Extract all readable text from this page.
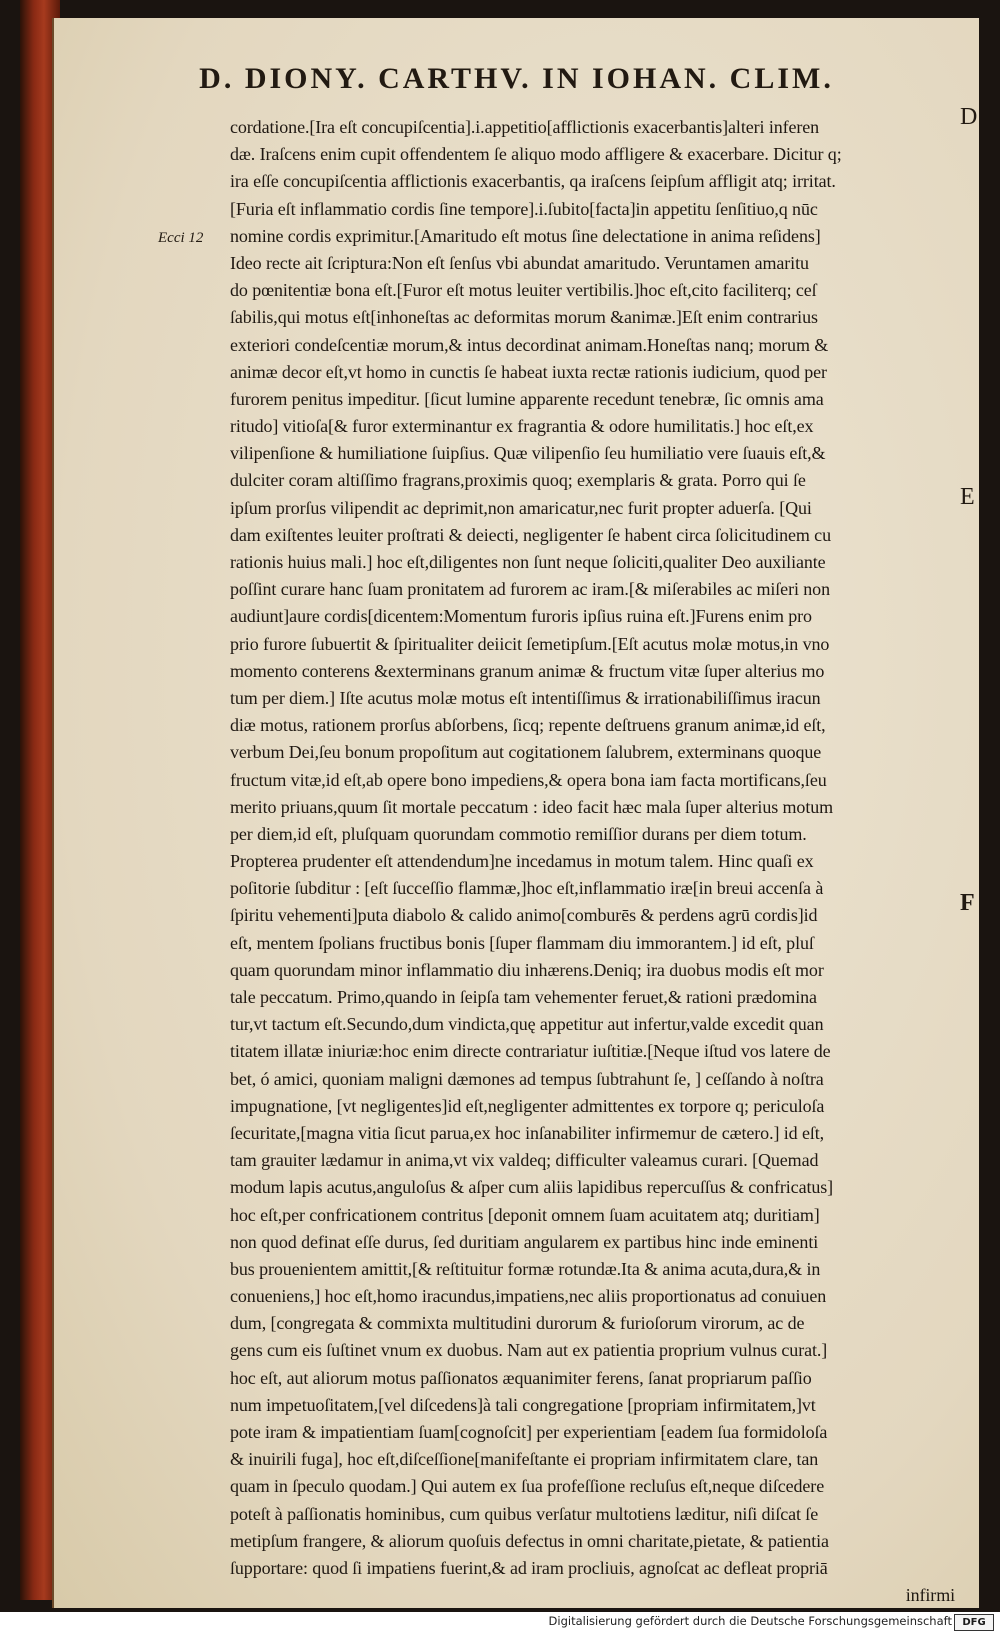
D. DIONY. CARTHV. IN IOHAN. CLIM.
Ecci 12
D
E
F
cordatione.[Ira eſt concupiſcentia].i.appetitio[afflictionis exacerbantis]alteri inferen
dæ. Iraſcens enim cupit offendentem ſe aliquo modo affligere & exacerbare. Dicitur q;
ira eſſe concupiſcentia afflictionis exacerbantis, qa iraſcens ſeipſum affligit atq; irritat.
[Furia eſt inflammatio cordis ſine tempore].i.ſubito[facta]in appetitu ſenſitiuo,q nūc
nomine cordis exprimitur.[Amaritudo eſt motus ſine delectatione in anima reſidens]
Ideo recte ait ſcriptura:Non eſt ſenſus vbi abundat amaritudo. Veruntamen amaritu
do pœnitentiæ bona eſt.[Furor eſt motus leuiter vertibilis.]hoc eſt,cito faciliterq; ceſ
ſabilis,qui motus eſt[inhoneſtas ac deformitas morum &animæ.]Eſt enim contrarius
exteriori condeſcentiæ morum,& intus decordinat animam.Honeſtas nanq; morum &
animæ decor eſt,vt homo in cunctis ſe habeat iuxta rectæ rationis iudicium, quod per
furorem penitus impeditur. [ſicut lumine apparente recedunt tenebræ, ſic omnis ama
ritudo] vitioſa[& furor exterminantur ex fragrantia & odore humilitatis.] hoc eſt,ex
vilipenſione & humiliatione ſuipſius. Quæ vilipenſio ſeu humiliatio vere ſuauis eſt,&
dulciter coram altiſſimo fragrans,proximis quoq; exemplaris & grata. Porro qui ſe
ipſum prorſus vilipendit ac deprimit,non amaricatur,nec furit propter aduerſa. [Qui
dam exiſtentes leuiter proſtrati & deiecti, negligenter ſe habent circa ſolicitudinem cu
rationis huius mali.] hoc eſt,diligentes non ſunt neque ſoliciti,qualiter Deo auxiliante
poſſint curare hanc ſuam pronitatem ad furorem ac iram.[& miſerabiles ac miſeri non
audiunt]aure cordis[dicentem:Momentum furoris ipſius ruina eſt.]Furens enim pro
prio furore ſubuertit & ſpiritualiter deiicit ſemetipſum.[Eſt acutus molæ motus,in vno
momento conterens &exterminans granum animæ & fructum vitæ ſuper alterius mo
tum per diem.] Iſte acutus molæ motus eſt intentiſſimus & irrationabiliſſimus iracun
diæ motus, rationem prorſus abſorbens, ſicq; repente deſtruens granum animæ,id eſt,
verbum Dei,ſeu bonum propoſitum aut cogitationem ſalubrem, exterminans quoque
fructum vitæ,id eſt,ab opere bono impediens,& opera bona iam facta mortificans,ſeu
merito priuans,quum ſit mortale peccatum : ideo facit hæc mala ſuper alterius motum
per diem,id eſt, pluſquam quorundam commotio remiſſior durans per diem totum.
Propterea prudenter eſt attendendum]ne incedamus in motum talem. Hinc quaſi ex
poſitorie ſubditur : [eſt ſucceſſio flammæ,]hoc eſt,inflammatio iræ[in breui accenſa à
ſpiritu vehementi]puta diabolo & calido animo[comburēs & perdens agrū cordis]id
eſt, mentem ſpolians fructibus bonis [ſuper flammam diu immorantem.] id eſt, pluſ
quam quorundam minor inflammatio diu inhærens.Deniq; ira duobus modis eſt mor
tale peccatum. Primo,quando in ſeipſa tam vehementer feruet,& rationi prædomina
tur,vt tactum eſt.Secundo,dum vindicta,quę appetitur aut infertur,valde excedit quan
titatem illatæ iniuriæ:hoc enim directe contrariatur iuſtitiæ.[Neque iſtud vos latere de
bet, ó amici, quoniam maligni dæmones ad tempus ſubtrahunt ſe, ] ceſſando à noſtra
impugnatione, [vt negligentes]id eſt,negligenter admittentes ex torpore q; periculoſa
ſecuritate,[magna vitia ſicut parua,ex hoc inſanabiliter infirmemur de cætero.] id eſt,
tam grauiter lædamur in anima,vt vix valdeq; difficulter valeamus curari. [Quemad
modum lapis acutus,anguloſus & aſper cum aliis lapidibus repercuſſus & confricatus]
hoc eſt,per confricationem contritus [deponit omnem ſuam acuitatem atq; duritiam]
non quod definat eſſe durus, ſed duritiam angularem ex partibus hinc inde eminenti
bus prouenientem amittit,[& reſtituitur formæ rotundæ.Ita & anima acuta,dura,& in
conueniens,] hoc eſt,homo iracundus,impatiens,nec aliis proportionatus ad conuiuen
dum, [congregata & commixta multitudini durorum & furioſorum virorum, ac de
gens cum eis ſuſtinet vnum ex duobus. Nam aut ex patientia proprium vulnus curat.]
hoc eſt, aut aliorum motus paſſionatos æquanimiter ferens, ſanat propriarum paſſio
num impetuoſitatem,[vel diſcedens]à tali congregatione [propriam infirmitatem,]vt
pote iram & impatientiam ſuam[cognoſcit] per experientiam [eadem ſua formidoloſa
& inuirili fuga], hoc eſt,diſceſſione[manifeſtante ei propriam infirmitatem clare, tan
quam in ſpeculo quodam.] Qui autem ex ſua profeſſione recluſus eſt,neque diſcedere
poteſt à paſſionatis hominibus, cum quibus verſatur multotiens læditur, niſi diſcat ſe
metipſum frangere, & aliorum quoſuis defectus in omni charitate,pietate, & patientia
ſupportare: quod ſi impatiens fuerint,& ad iram procliuis, agnoſcat ac defleat propriā
infirmi
Digitalisierung gefördert durch die Deutsche Forschungsgemeinschaft	DFG
